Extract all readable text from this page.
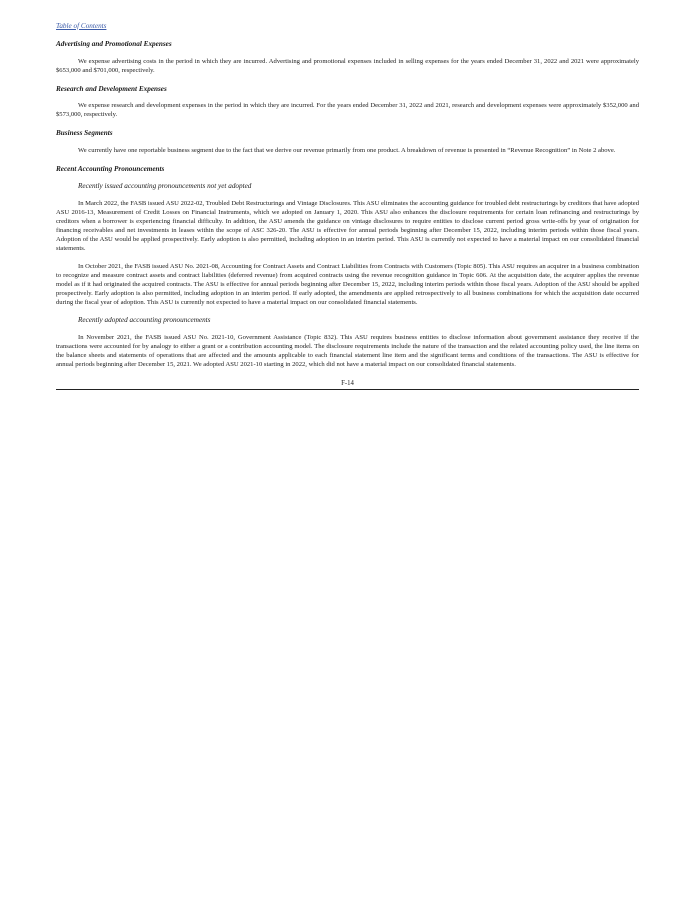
Table of Contents
Advertising and Promotional Expenses

We expense advertising costs in the period in which they are incurred. Advertising and promotional expenses included in selling expenses for the years ended December 31, 2022 and 2021 were approximately $653,000 and $701,000, respectively.

Research and Development Expenses

We expense research and development expenses in the period in which they are incurred. For the years ended December 31, 2022 and 2021, research and development expenses were approximately $352,000 and $573,000, respectively.

Business Segments

We currently have one reportable business segment due to the fact that we derive our revenue primarily from one product. A breakdown of revenue is presented in “Revenue Recognition” in Note 2 above.

Recent Accounting Pronouncements
Recently issued accounting pronouncements not yet adopted

In March 2022, the FASB issued ASU 2022-02, Troubled Debt Restructurings and Vintage Disclosures. This ASU eliminates the accounting guidance for troubled debt restructurings by creditors that have adopted ASU 2016-13, Measurement of Credit Losses on Financial Instruments, which we adopted on January 1, 2020. This ASU also enhances the disclosure requirements for certain loan refinancing and restructurings by creditors when a borrower is experiencing financial difficulty. In addition, the ASU amends the guidance on vintage disclosures to require entities to disclose current period gross write-offs by year of origination for financing receivables and net investments in leases within the scope of ASC 326-20. The ASU is effective for annual periods beginning after December 15, 2022, including interim periods within those fiscal years. Adoption of the ASU would be applied prospectively. Early adoption is also permitted, including adoption in an interim period. This ASU is currently not expected to have a material impact on our consolidated financial statements.

In October 2021, the FASB issued ASU No. 2021-08, Accounting for Contract Assets and Contract Liabilities from Contracts with Customers (Topic 805). This ASU requires an acquirer in a business combination to recognize and measure contract assets and contract liabilities (deferred revenue) from acquired contracts using the revenue recognition guidance in Topic 606. At the acquisition date, the acquirer applies the revenue model as if it had originated the acquired contracts. The ASU is effective for annual periods beginning after December 15, 2022, including interim periods within those fiscal years. Adoption of the ASU should be applied prospectively. Early adoption is also permitted, including adoption in an interim period. If early adopted, the amendments are applied retrospectively to all business combinations for which the acquisition date occurred during the fiscal year of adoption. This ASU is currently not expected to have a material impact on our consolidated financial statements.

Recently adopted accounting pronouncements

In November 2021, the FASB issued ASU No. 2021-10, Government Assistance (Topic 832). This ASU requires business entities to disclose information about government assistance they receive if the transactions were accounted for by analogy to either a grant or a contribution accounting model. The disclosure requirements include the nature of the transaction and the related accounting policy used, the line items on the balance sheets and statements of operations that are affected and the amounts applicable to each financial statement line item and the significant terms and conditions of the transactions. The ASU is effective for annual periods beginning after December 15, 2021. We adopted ASU 2021-10 starting in 2022, which did not have a material impact on our consolidated financial statements.

F-14
